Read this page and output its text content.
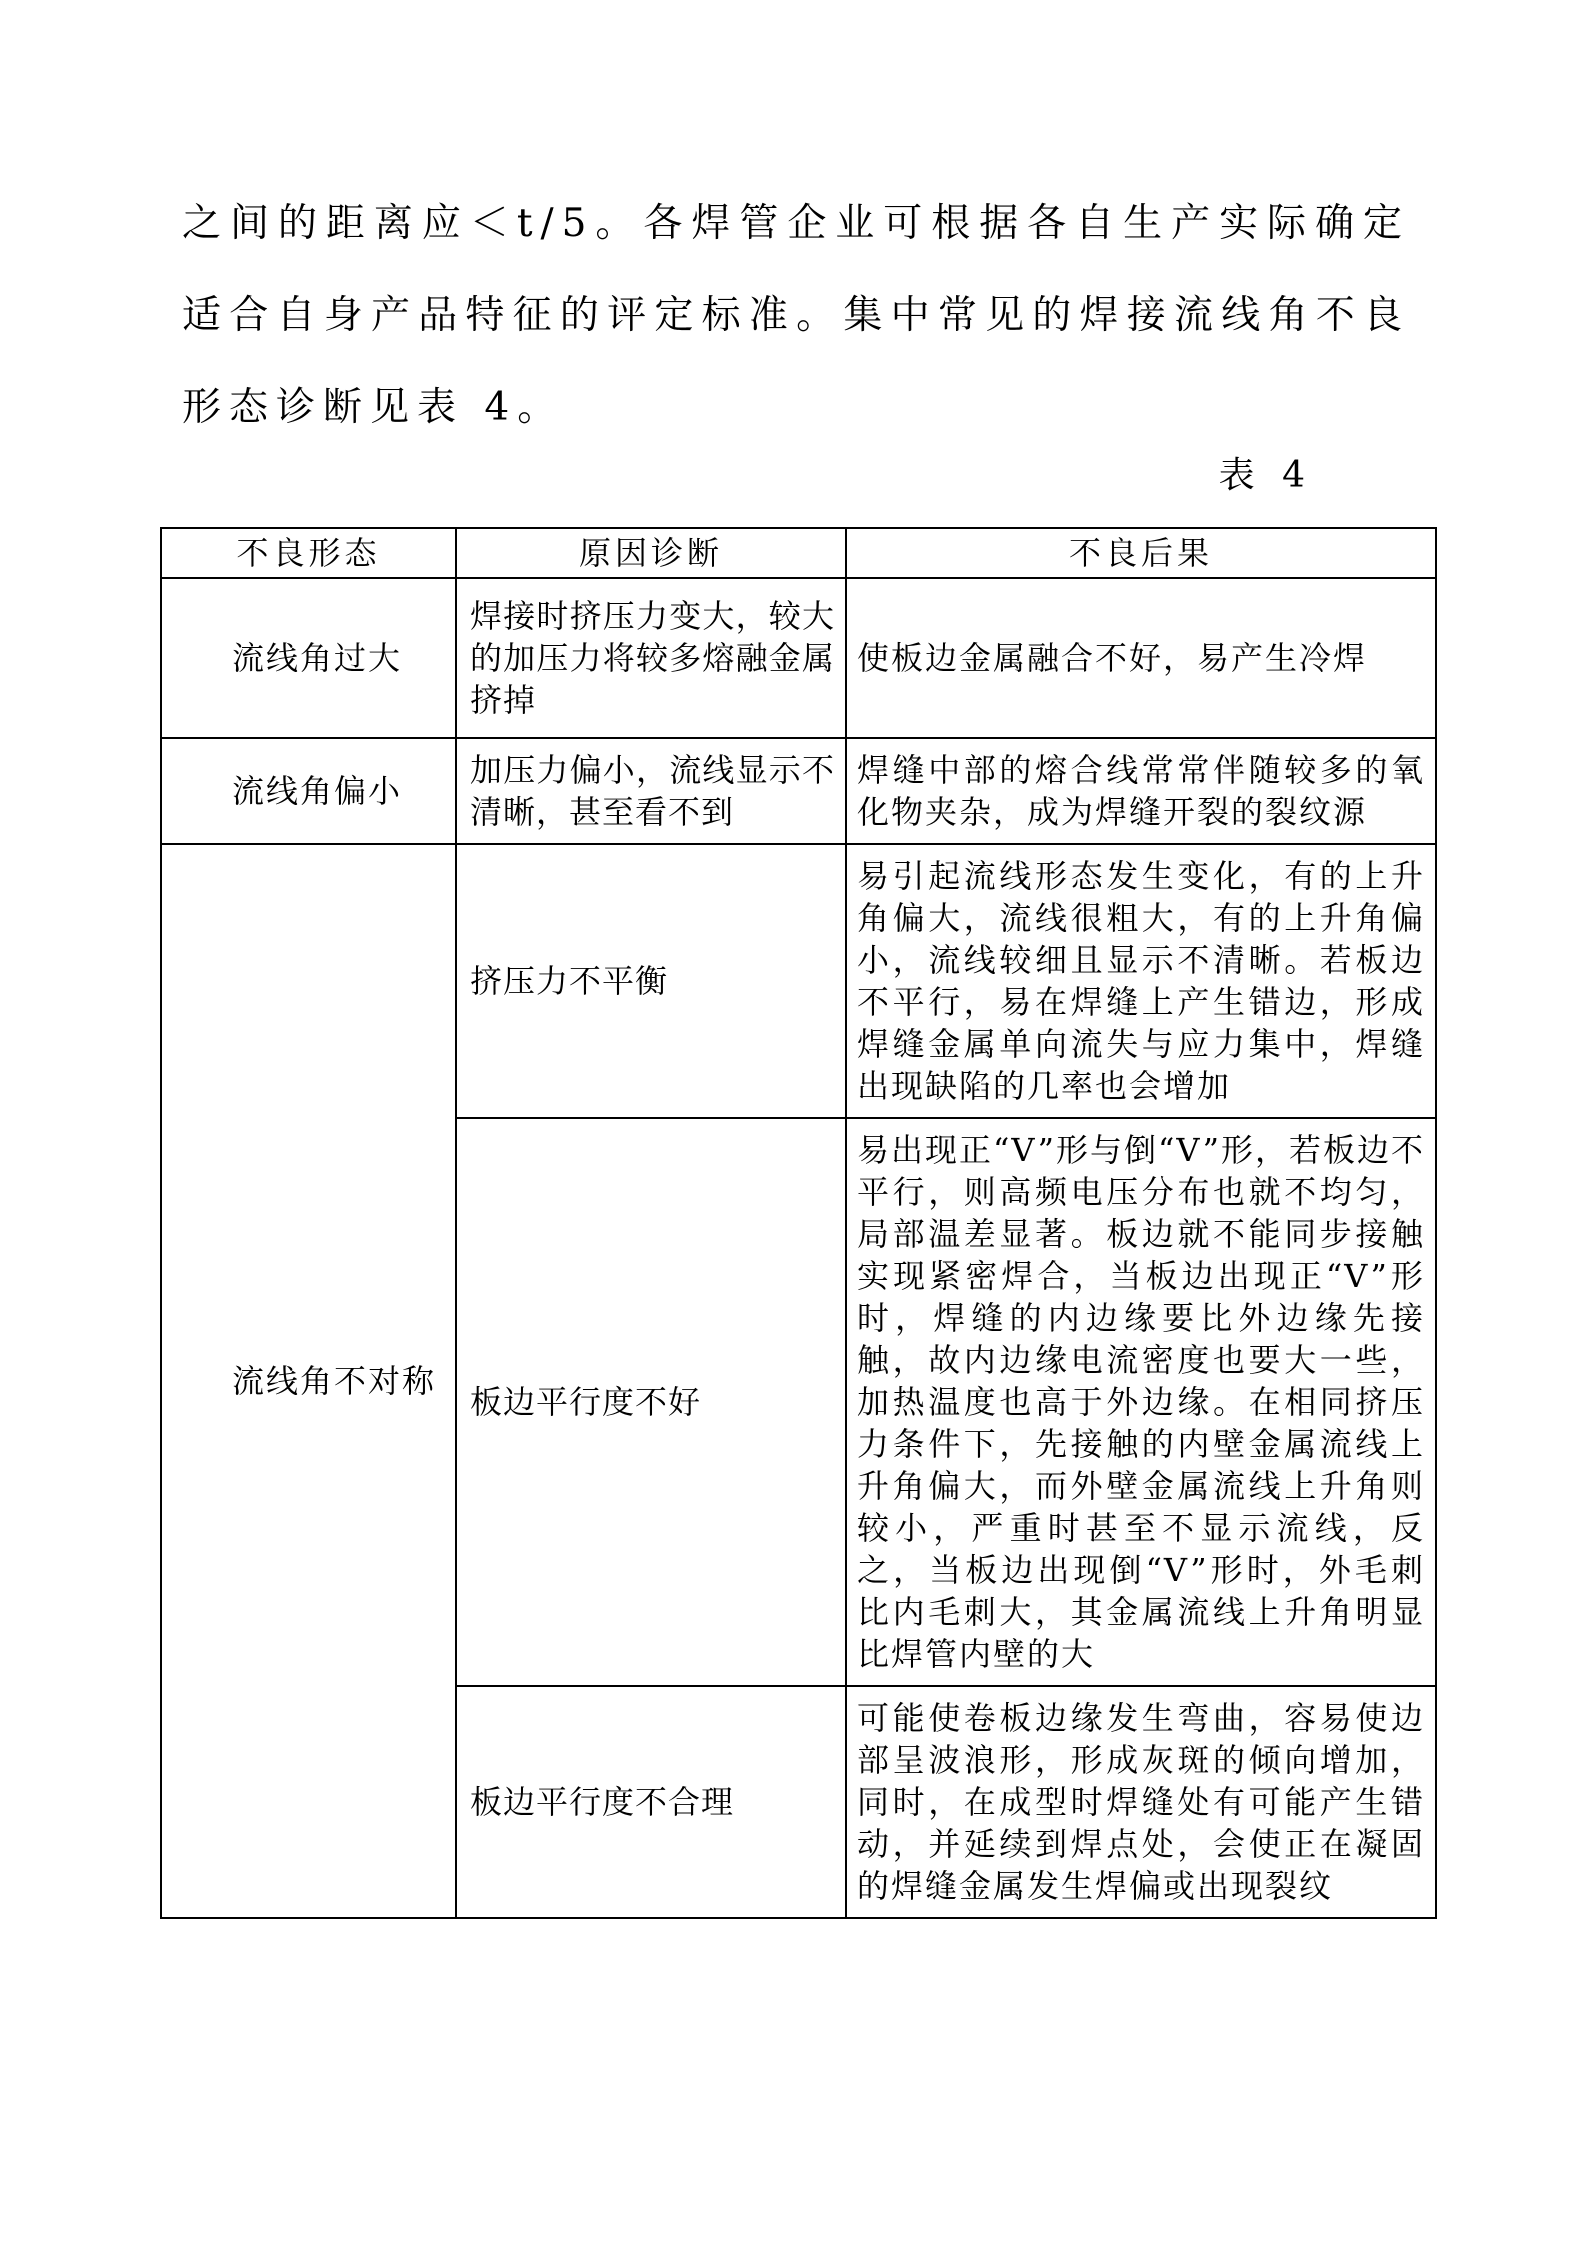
之间的距离应＜t/5。各焊管企业可根据各自生产实际确定
适合自身产品特征的评定标准。集中常见的焊接流线角不良
形态诊断见表 4。

表 4
不良形态	原因诊断	不良后果
流线角过大	焊接时挤压力变大，较大的加压力将较多熔融金属挤掉	使板边金属融合不好，易产生冷焊
流线角偏小	加压力偏小，流线显示不清晰，甚至看不到	焊缝中部的熔合线常常伴随较多的氧化物夹杂，成为焊缝开裂的裂纹源
流线角不对称	挤压力不平衡	易引起流线形态发生变化，有的上升角偏大，流线很粗大，有的上升角偏小，流线较细且显示不清晰。若板边不平行，易在焊缝上产生错边，形成焊缝金属单向流失与应力集中，焊缝出现缺陷的几率也会增加
	板边平行度不好	易出现正“V”形与倒“V”形，若板边不平行，则高频电压分布也就不均匀，局部温差显著。板边就不能同步接触实现紧密焊合，当板边出现正“V”形时，焊缝的内边缘要比外边缘先接触，故内边缘电流密度也要大一些，加热温度也高于外边缘。在相同挤压力条件下，先接触的内壁金属流线上升角偏大，而外壁金属流线上升角则较小，严重时甚至不显示流线，反之，当板边出现倒“V”形时，外毛刺比内毛刺大，其金属流线上升角明显比焊管内壁的大
	板边平行度不合理	可能使卷板边缘发生弯曲，容易使边部呈波浪形，形成灰斑的倾向增加，同时，在成型时焊缝处有可能产生错动，并延续到焊点处，会使正在凝固的焊缝金属发生焊偏或出现裂纹
